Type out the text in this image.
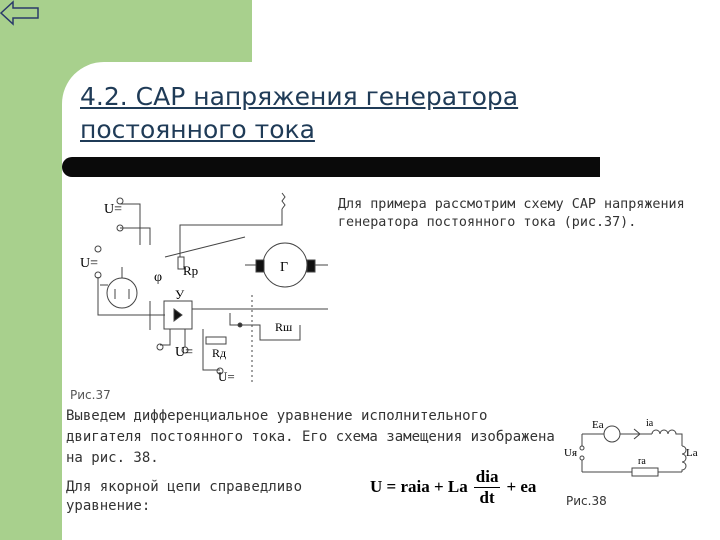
4.2. САР напряжения генератора
постоянного тока
U=
U=
U=
U=
φ Rp
У
Г
Rш
Rд
Рис.37
Для примера рассмотрим схему САР напряжения генератора постоянного тока (рис.37).
Выведем дифференциальное уравнение исполнительного двигателя постоянного тока. Его схема замещения изображена на рис. 38.
Для якорной цепи справедливо уравнение:
U = raia + La $\frac{\text{dia}}{dt}$ + ea
Ea	ia
La
Uя
ra
Рис.38
